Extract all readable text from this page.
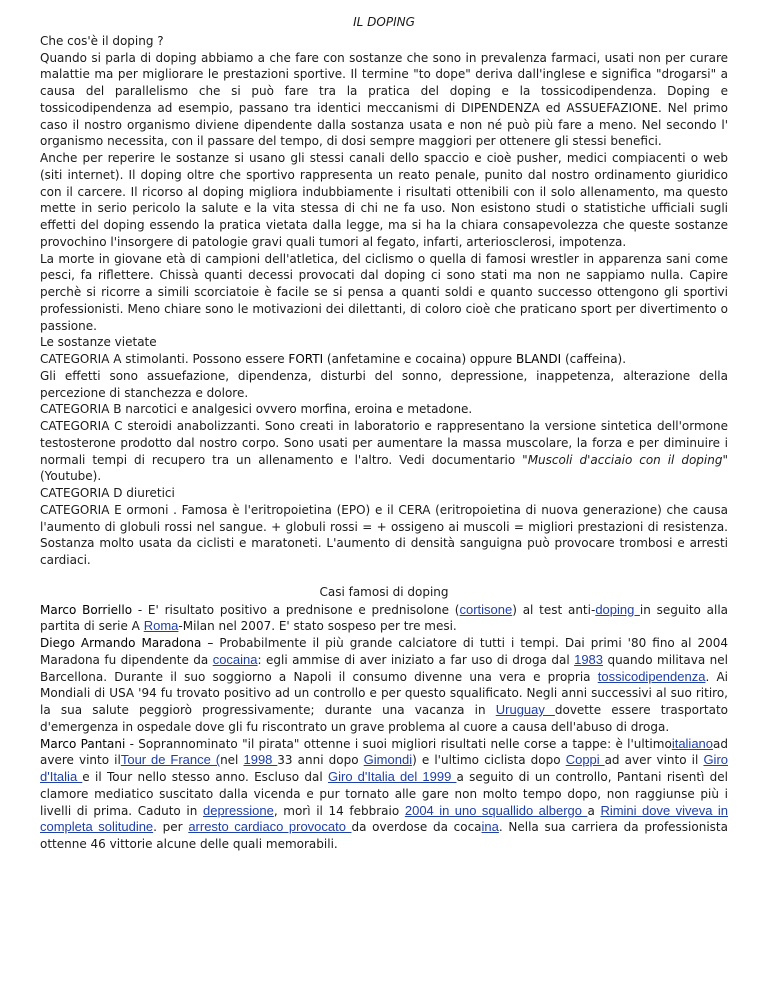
IL DOPING
Che cos'è il doping ?

Quando si parla di doping abbiamo a che fare con sostanze che sono in prevalenza farmaci, usati non per curare malattie ma per migliorare le prestazioni sportive. Il termine "to dope" deriva dall'inglese e significa "drogarsi" a causa del parallelismo che si può fare tra la pratica del doping e la tossicodipendenza. Doping e tossicodipendenza ad esempio, passano tra identici meccanismi di DIPENDENZA ed ASSUEFAZIONE. Nel primo caso il nostro organismo diviene dipendente dalla sostanza usata e non né può più fare a meno. Nel secondo l' organismo necessita, con il passare del tempo, di dosi sempre maggiori per ottenere gli stessi benefici.

Anche per reperire le sostanze si usano gli stessi canali dello spaccio e cioè pusher, medici compiacenti o web (siti internet). Il doping oltre che sportivo rappresenta un reato penale, punito dal nostro ordinamento giuridico con il carcere. Il ricorso al doping migliora indubbiamente i risultati ottenibili con il solo allenamento, ma questo mette in serio pericolo la salute e la vita stessa di chi ne fa uso. Non esistono studi o statistiche ufficiali sugli effetti del doping essendo la pratica vietata dalla legge, ma si ha la chiara consapevolezza che queste sostanze provochino l'insorgere di patologie gravi quali tumori al fegato, infarti, arteriosclerosi, impotenza.

La morte in giovane età di campioni dell'atletica, del ciclismo o quella di famosi wrestler in apparenza sani come pesci, fa riflettere. Chissà quanti decessi provocati dal doping ci sono stati ma non ne sappiamo nulla. Capire perchè si ricorre a simili scorciatoie è facile se si pensa a quanti soldi e quanto successo ottengono gli sportivi professionisti. Meno chiare sono le motivazioni dei dilettanti, di coloro cioè che praticano sport per divertimento o passione.

Le sostanze vietate
CATEGORIA A stimolanti. Possono essere FORTI (anfetamine e cocaina) oppure BLANDI (caffeina).

Gli effetti sono assuefazione, dipendenza, disturbi del sonno, depressione, inappetenza, alterazione della percezione di stanchezza e dolore.

CATEGORIA B narcotici e analgesici ovvero morfina, eroina e metadone.

CATEGORIA C steroidi anabolizzanti. Sono creati in laboratorio e rappresentano la versione sintetica dell'ormone testosterone prodotto dal nostro corpo. Sono usati per aumentare la massa muscolare, la forza e per diminuire i normali tempi di recupero tra un allenamento e l'altro. Vedi documentario "Muscoli d'acciaio con il doping" (Youtube).

CATEGORIA D diuretici

CATEGORIA E ormoni . Famosa è l'eritropoietina (EPO) e il CERA (eritropoietina di nuova generazione) che causa l'aumento di globuli rossi nel sangue. + globuli rossi = + ossigeno ai muscoli = migliori prestazioni di resistenza. Sostanza molto usata da ciclisti e maratoneti. L'aumento di densità sanguigna può provocare trombosi e arresti cardiaci.

Casi famosi di doping

Marco Borriello - E' risultato positivo a prednisone e prednisolone (cortisone) al test anti-doping in seguito alla partita di serie A Roma-Milan nel 2007. E' stato sospeso per tre mesi.

Diego Armando Maradona – Probabilmente il più grande calciatore di tutti i tempi. Dai primi '80 fino al 2004 Maradona fu dipendente da cocaina: egli ammise di aver iniziato a far uso di droga dal 1983 quando militava nel Barcellona. Durante il suo soggiorno a Napoli il consumo divenne una vera e propria tossicodipendenza. Ai Mondiali di USA '94 fu trovato positivo ad un controllo e per questo squalificato. Negli anni successivi al suo ritiro, la sua salute peggiorò progressivamente; durante una vacanza in Uruguay dovette essere trasportato d'emergenza in ospedale dove gli fu riscontrato un grave problema al cuore a causa dell'abuso di droga.

Marco Pantani - Soprannominato "il pirata" ottenne i suoi migliori risultati nelle corse a tappe: è l'ultimoitalianoad avere vinto ilTour de France (nel 1998 33 anni dopo Gimondi) e l'ultimo ciclista dopo Coppi ad aver vinto il Giro d'Italia e il Tour nello stesso anno. Escluso dal Giro d'Italia del 1999 a seguito di un controllo, Pantani risentì del clamore mediatico suscitato dalla vicenda e pur tornato alle gare non molto tempo dopo, non raggiunse più i livelli di prima. Caduto in depressione, morì il 14 febbraio 2004 in uno squallido albergo a Rimini dove viveva in completa solitudine. per arresto cardiaco provocato da overdose da cocaina. Nella sua carriera da professionista ottenne 46 vittorie alcune delle quali memorabili.
